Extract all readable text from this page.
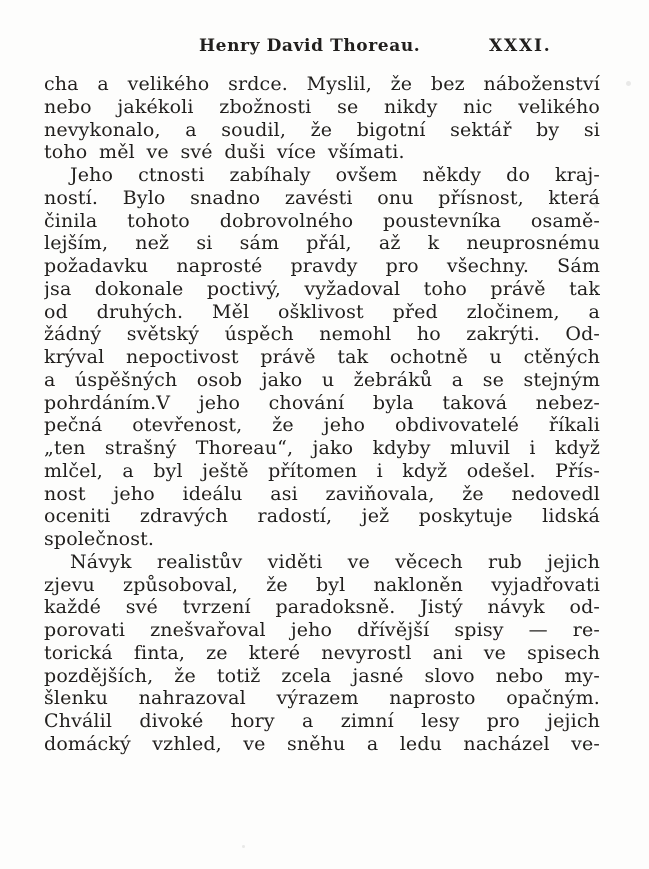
Henry David Thoreau.	XXXI.
cha a velikého srdce. Myslil, že bez náboženství
nebo jakékoli zbožnosti se nikdy nic velikého
nevykonalo, a soudil, že bigotní sektář by si
toho měl ve své duši více všímati.
Jeho ctnosti zabíhaly ovšem někdy do kraj-
ností. Bylo snadno zavésti onu přísnost, která
činila tohoto dobrovolného poustevníka osamě-
lejším, než si sám přál, až k neuprosnému
požadavku naprosté pravdy pro všechny. Sám
jsa dokonale poctivý, vyžadoval toho právě tak
od druhých. Měl ošklivost před zločinem, a
žádný světský úspěch nemohl ho zakrýti. Od-
krýval nepoctivost právě tak ochotně u ctěných
a úspěšných osob jako u žebráků a se stejným
pohrdáním.V jeho chování byla taková nebez-
pečná otevřenost, že jeho obdivovatelé říkali
„ten strašný Thoreau“, jako kdyby mluvil i když
mlčel, a byl ještě přítomen i když odešel. Přís-
nost jeho ideálu asi zaviňovala, že nedovedl
oceniti zdravých radostí, jež poskytuje lidská
společnost.
Návyk realistův viděti ve věcech rub jejich
zjevu způsoboval, že byl nakloněn vyjadřovati
každé své tvrzení paradoksně. Jistý návyk od-
porovati znešvařoval jeho dřívější spisy — re-
torická finta, ze které nevyrostl ani ve spisech
pozdějších, že totiž zcela jasné slovo nebo my-
šlenku nahrazoval výrazem naprosto opačným.
Chválil divoké hory a zimní lesy pro jejich
domácký vzhled, ve sněhu a ledu nacházel ve-
